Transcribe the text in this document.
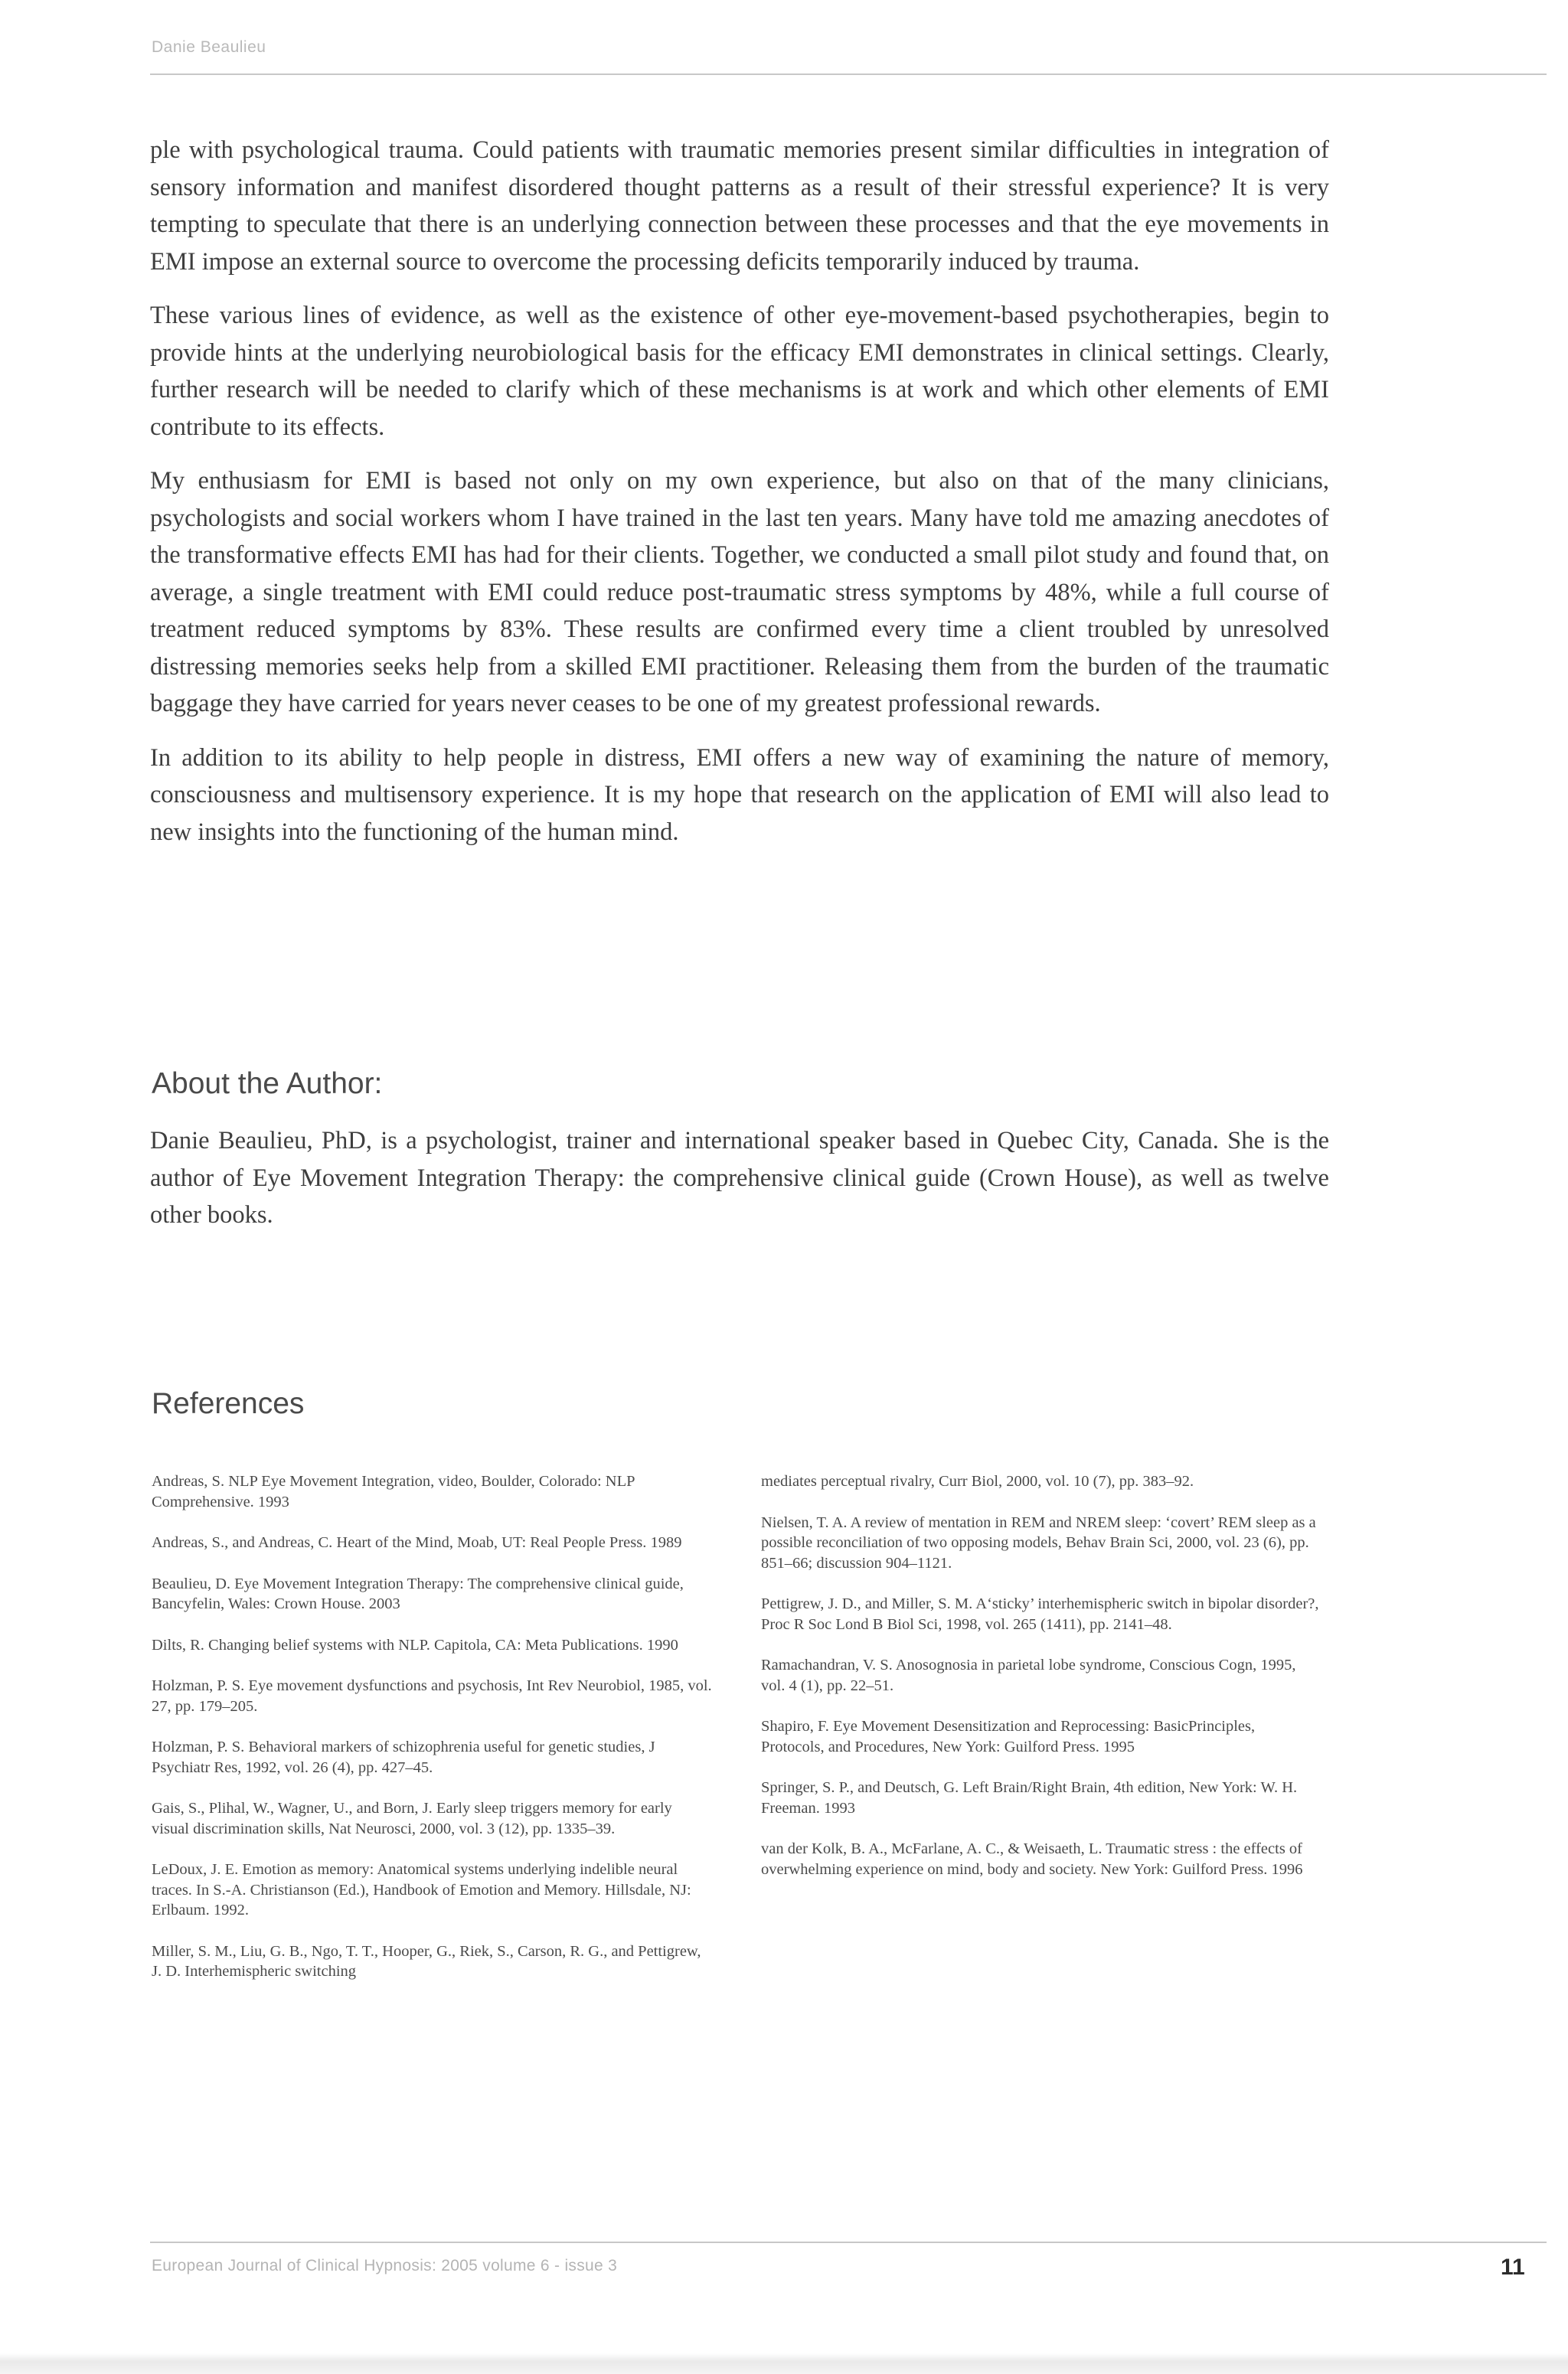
Danie Beaulieu

ple with psychological trauma. Could patients with traumatic memories present similar difficulties in integration of sensory information and manifest disordered thought patterns as a result of their stressful experience? It is very tempting to speculate that there is an underlying connection between these processes and that the eye movements in EMI impose an external source to overcome the processing deficits temporarily induced by trauma.

These various lines of evidence, as well as the existence of other eye-movement-based psychotherapies, begin to provide hints at the underlying neurobiological basis for the efficacy EMI demonstrates in clinical settings. Clearly, further research will be needed to clarify which of these mechanisms is at work and which other elements of EMI contribute to its effects.

My enthusiasm for EMI is based not only on my own experience, but also on that of the many clinicians, psychologists and social workers whom I have trained in the last ten years. Many have told me amazing anecdotes of the transformative effects EMI has had for their clients. Together, we conducted a small pilot study and found that, on average, a single treatment with EMI could reduce post-traumatic stress symptoms by 48%, while a full course of treatment reduced symptoms by 83%. These results are confirmed every time a client troubled by unresolved distressing memories seeks help from a skilled EMI practitioner. Releasing them from the burden of the traumatic baggage they have carried for years never ceases to be one of my greatest professional rewards.

In addition to its ability to help people in distress, EMI offers a new way of examining the nature of memory, consciousness and multisensory experience. It is my hope that research on the application of EMI will also lead to new insights into the functioning of the human mind.

About the Author:
Danie Beaulieu, PhD, is a psychologist, trainer and international speaker based in Quebec City, Canada. She is the author of Eye Movement Integration Therapy: the comprehensive clinical guide (Crown House), as well as twelve other books.
References
Andreas, S. NLP Eye Movement Integration, video, Boulder, Colorado: NLP Comprehensive. 1993
Andreas, S., and Andreas, C. Heart of the Mind, Moab, UT: Real People Press. 1989
Beaulieu, D. Eye Movement Integration Therapy: The comprehensive clinical guide, Bancyfelin, Wales: Crown House. 2003
Dilts, R. Changing belief systems with NLP. Capitola, CA: Meta Publications. 1990
Holzman, P. S. Eye movement dysfunctions and psychosis, Int Rev Neurobiol, 1985, vol. 27, pp. 179–205.
Holzman, P. S. Behavioral markers of schizophrenia useful for genetic studies, J Psychiatr Res, 1992, vol. 26 (4), pp. 427–45.
Gais, S., Plihal, W., Wagner, U., and Born, J. Early sleep triggers memory for early visual discrimination skills, Nat Neurosci, 2000, vol. 3 (12), pp. 1335–39.
LeDoux, J. E. Emotion as memory: Anatomical systems underlying indelible neural traces. In S.-A. Christianson (Ed.), Handbook of Emotion and Memory. Hillsdale, NJ: Erlbaum. 1992.
Miller, S. M., Liu, G. B., Ngo, T. T., Hooper, G., Riek, S., Carson, R. G., and Pettigrew, J. D. Interhemispheric switching
mediates perceptual rivalry, Curr Biol, 2000, vol. 10 (7), pp. 383–92.
Nielsen, T. A. A review of mentation in REM and NREM sleep: ‘covert’ REM sleep as a possible reconciliation of two opposing models, Behav Brain Sci, 2000, vol. 23 (6), pp. 851–66; discussion 904–1121.
Pettigrew, J. D., and Miller, S. M. A‘sticky’ interhemispheric switch in bipolar disorder?, Proc R Soc Lond B Biol Sci, 1998, vol. 265 (1411), pp. 2141–48.
Ramachandran, V. S. Anosognosia in parietal lobe syndrome, Conscious Cogn, 1995, vol. 4 (1), pp. 22–51.
Shapiro, F. Eye Movement Desensitization and Reprocessing: BasicPrinciples, Protocols, and Procedures, New York: Guilford Press. 1995
Springer, S. P., and Deutsch, G. Left Brain/Right Brain, 4th edition, New York: W. H. Freeman. 1993
van der Kolk, B. A., McFarlane, A. C., & Weisaeth, L. Traumatic stress : the effects of overwhelming experience on mind, body and society. New York: Guilford Press. 1996
European Journal of Clinical Hypnosis: 2005 volume 6 - issue 3	11
